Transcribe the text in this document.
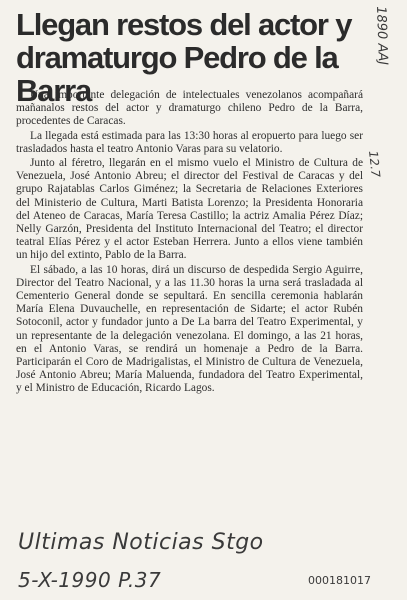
Llegan restos del actor y dramaturgo Pedro de la Barra

Una importante delegación de intelectuales venezolanos acompañará mañanalos restos del actor y dramaturgo chileno Pedro de la Barra, procedentes de Caracas.

La llegada está estimada para las 13:30 horas al eropuerto para luego ser trasladados hasta el teatro Antonio Varas para su velatorio.

Junto al féretro, llegarán en el mismo vuelo el Ministro de Cultura de Venezuela, José Antonio Abreu; el director del Festival de Caracas y del grupo Rajatablas Carlos Giménez; la Secretaria de Relaciones Exteriores del Ministerio de Cultura, Marti Batista Lorenzo; la Presidenta Honoraria del Ateneo de Caracas, María Teresa Castillo; la actriz Amalia Pérez Díaz; Nelly Garzón, Presidenta del Instituto Internacional del Teatro; el director teatral Elías Pérez y el actor Esteban Herrera. Junto a ellos viene también un hijo del extinto, Pablo de la Barra.

El sábado, a las 10 horas, dirá un discurso de despedida Sergio Aguirre, Director del Teatro Nacional, y a las 11.30 horas la urna será trasladada al Cementerio General donde se sepultará. En sencilla ceremonia hablarán María Elena Duvauchelle, en representación de Sidarte; el actor Rubén Sotoconil, actor y fundador junto a De La barra del Teatro Experimental, y un representante de la delegación venezolana. El domingo, a las 21 horas, en el Antonio Varas, se rendirá un homenaje a Pedro de la Barra. Participarán el Coro de Madrigalistas, el Ministro de Cultura de Venezuela, José Antonio Abreu; María Maluenda, fundadora del Teatro Experimental, y el Ministro de Educación, Ricardo Lagos.

1890 AAJ
12.7
Ultimas Noticias Stgo
5-X-1990 P.37	000181017
